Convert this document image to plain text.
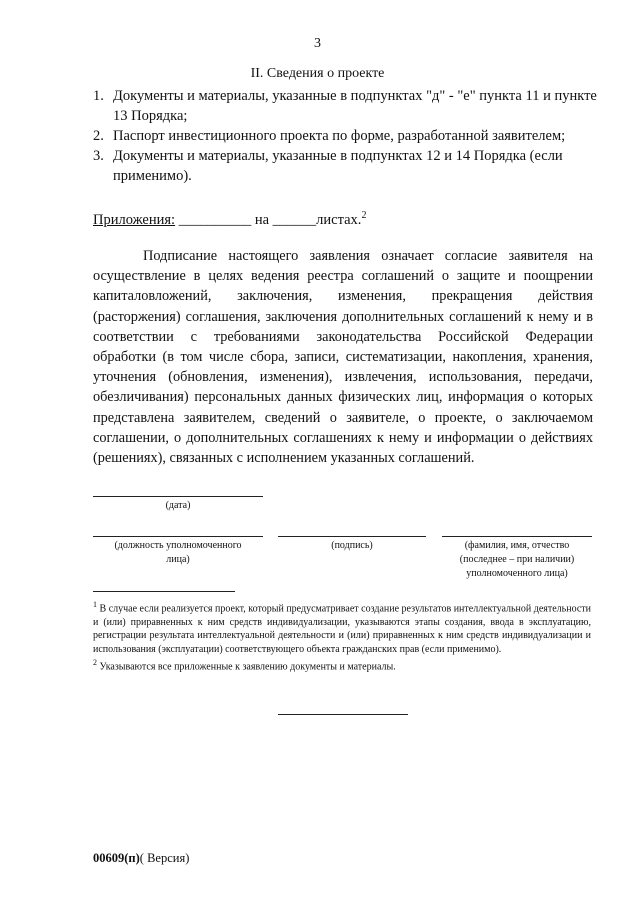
3
II. Сведения о проекте
1. Документы и материалы, указанные в подпунктах "д" - "е" пункта 11 и пункте 13 Порядка;
2. Паспорт инвестиционного проекта по форме, разработанной заявителем;
3. Документы и материалы, указанные в подпунктах 12 и 14 Порядка (если применимо).
Приложения: __________ на ______листах.$^2$

Подписание настоящего заявления означает согласие заявителя на осуществление в целях ведения реестра соглашений о защите и поощрении капиталовложений, заключения, изменения, прекращения действия (расторжения) соглашения, заключения дополнительных соглашений к нему и в соответствии с требованиями законодательства Российской Федерации обработки (в том числе сбора, записи, систематизации, накопления, хранения, уточнения (обновления, изменения), извлечения, использования, передачи, обезличивания) персональных данных физических лиц, информация о которых представлена заявителем, сведений о заявителе, о проекте, о заключаемом соглашении, о дополнительных соглашениях к нему и информации о действиях (решениях), связанных с исполнением указанных соглашений.

(дата)
(должность уполномоченного лица)
(подпись)	(фамилия, имя, отчество (последнее – при наличии) уполномоченного лица)

$^1$ В случае если реализуется проект, который предусматривает создание результатов интеллектуальной деятельности и (или) приравненных к ним средств индивидуализации, указываются этапы создания, ввода в эксплуатацию, регистрации результата интеллектуальной деятельности и (или) приравненных к ним средств индивидуализации и использования (эксплуатации) соответствующего объекта гражданских прав (если применимо).

$^2$ Указываются все приложенные к заявлению документы и материалы.

00609(п)( Версия)
